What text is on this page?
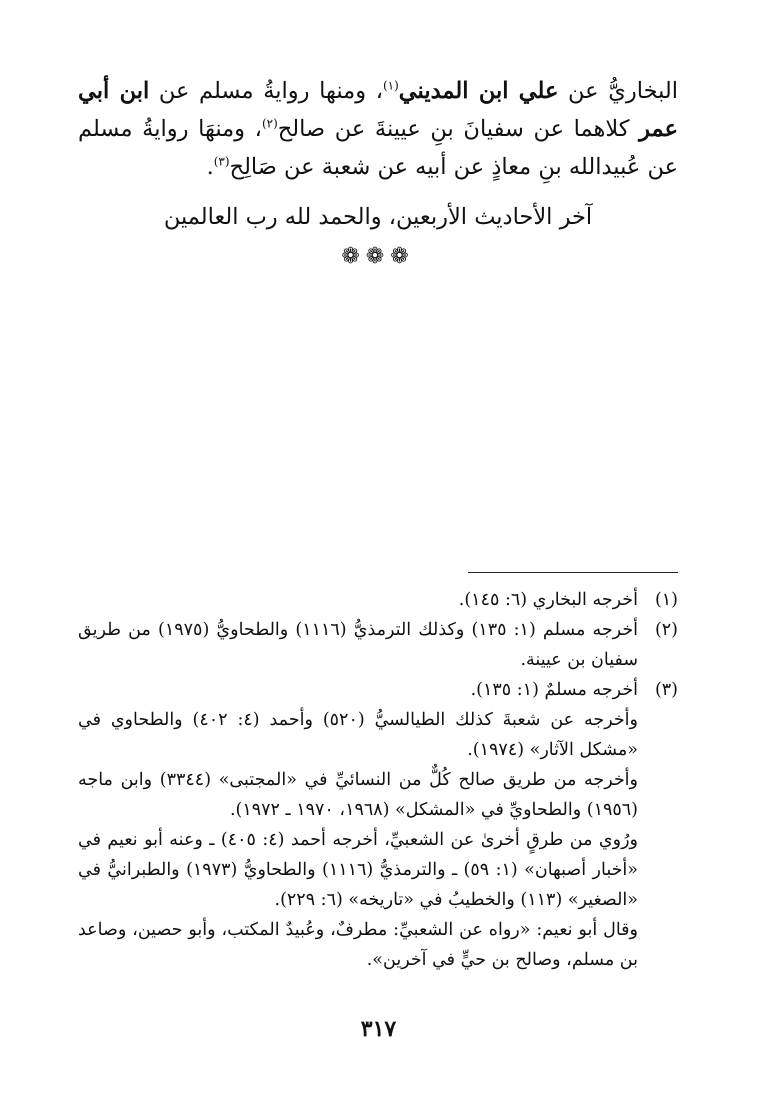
البخاريُّ عن علي ابن المديني$^{(١)}$، ومنها روايةُ مسلم عن ابن أبي عمر كلاهما عن سفيانَ بنِ عيينةَ عن صالح$^{(٢)}$، ومنهَا روايةُ مسلم عن عُبيدالله بنِ معاذٍ عن أبيه عن شعبة عن صَالِح$^{(٣)}$.

آخر الأحاديث الأربعين، والحمد لله رب العالمين
❁❁❁
(١)

أخرجه البخاري (٦: ١٤٥).

(٢)

أخرجه مسلم (١: ١٣٥) وكذلك الترمذيُّ (١١١٦) والطحاويُّ (١٩٧٥) من طريق سفيان بن عيينة.

(٣)

أخرجه مسلمٌ (١: ١٣٥).

وأخرجه عن شعبةَ كذلك الطيالسيُّ (٥٢٠) وأحمد (٤: ٤٠٢) والطحاوي في «مشكل الآثار» (١٩٧٤).

وأخرجه من طريق صالح كُلٌّ من النسائيِّ في «المجتبى» (٣٣٤٤) وابن ماجه (١٩٥٦) والطحاويِّ في «المشكل» (١٩٦٨، ١٩٧٠ ـ ١٩٧٢).

ورُوي من طرقٍ أخرىٰ عن الشعبيِّ، أخرجه أحمد (٤: ٤٠٥) ـ وعنه أبو نعيم في «أخبار أصبهان» (١: ٥٩) ـ والترمذيُّ (١١١٦) والطحاويُّ (١٩٧٣) والطبرانيُّ في «الصغير» (١١٣) والخطيبُ في «تاريخه» (٦: ٢٢٩).

وقال أبو نعيم: «رواه عن الشعبيِّ: مطرفٌ، وعُبيدٌ المكتب، وأبو حصين، وصاعد بن مسلم، وصالح بن حيٍّ في آخرين».

٣١٧
